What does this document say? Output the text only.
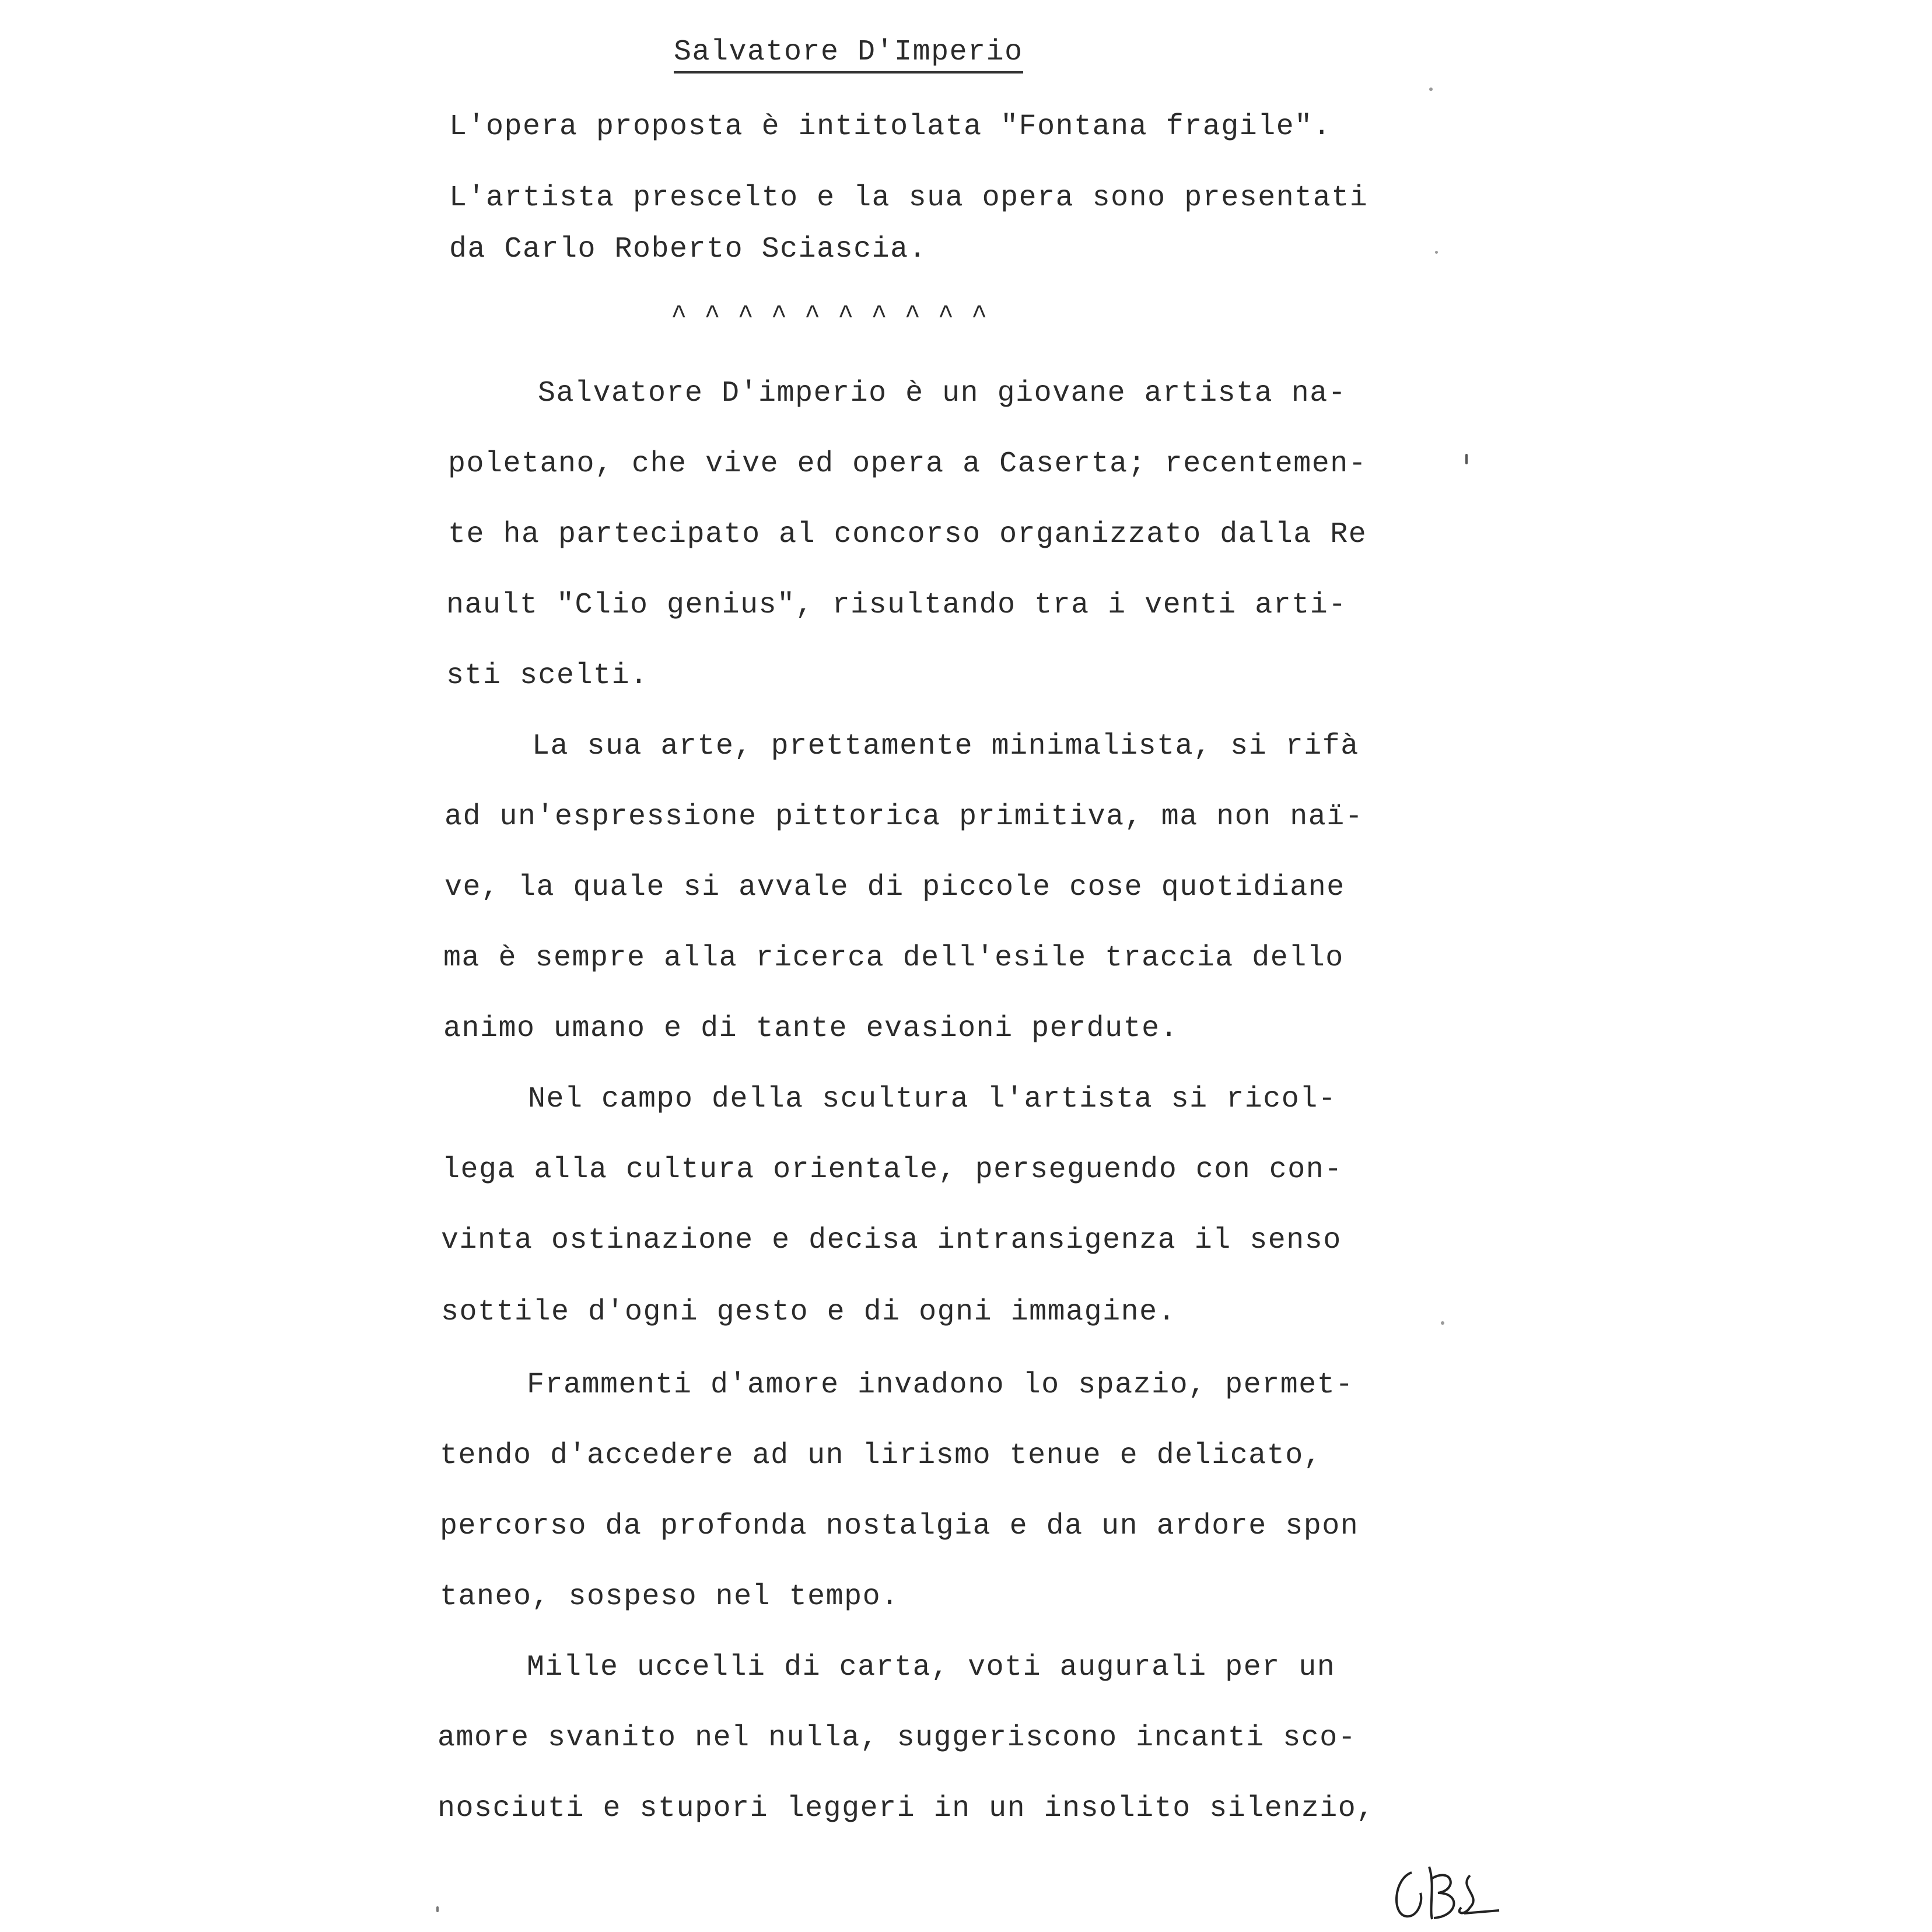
Salvatore D'Imperio
L'opera proposta è intitolata "Fontana fragile".
L'artista prescelto e la sua opera sono presentati
da Carlo Roberto Sciascia.
^ ^ ^ ^ ^ ^ ^ ^ ^ ^
Salvatore D'imperio è un giovane artista na-
poletano, che vive ed opera a Caserta; recentemen-
te ha partecipato al concorso organizzato dalla Re
nault "Clio genius", risultando tra i venti arti-
sti scelti.
La sua arte, prettamente minimalista, si rifà
ad un'espressione pittorica primitiva, ma non naï-
ve, la quale si avvale di piccole cose quotidiane
ma è sempre alla ricerca dell'esile traccia dello
animo umano e di tante evasioni perdute.
Nel campo della scultura l'artista si ricol-
lega alla cultura orientale, perseguendo con con-
vinta ostinazione e decisa intransigenza il senso
sottile d'ogni gesto e di ogni immagine.
Frammenti d'amore invadono lo spazio, permet-
tendo d'accedere ad un lirismo tenue e delicato,
percorso da profonda nostalgia e da un ardore spon
taneo, sospeso nel tempo.
Mille uccelli di carta, voti augurali per un
amore svanito nel nulla, suggeriscono incanti sco-
nosciuti e stupori leggeri in un insolito silenzio,
